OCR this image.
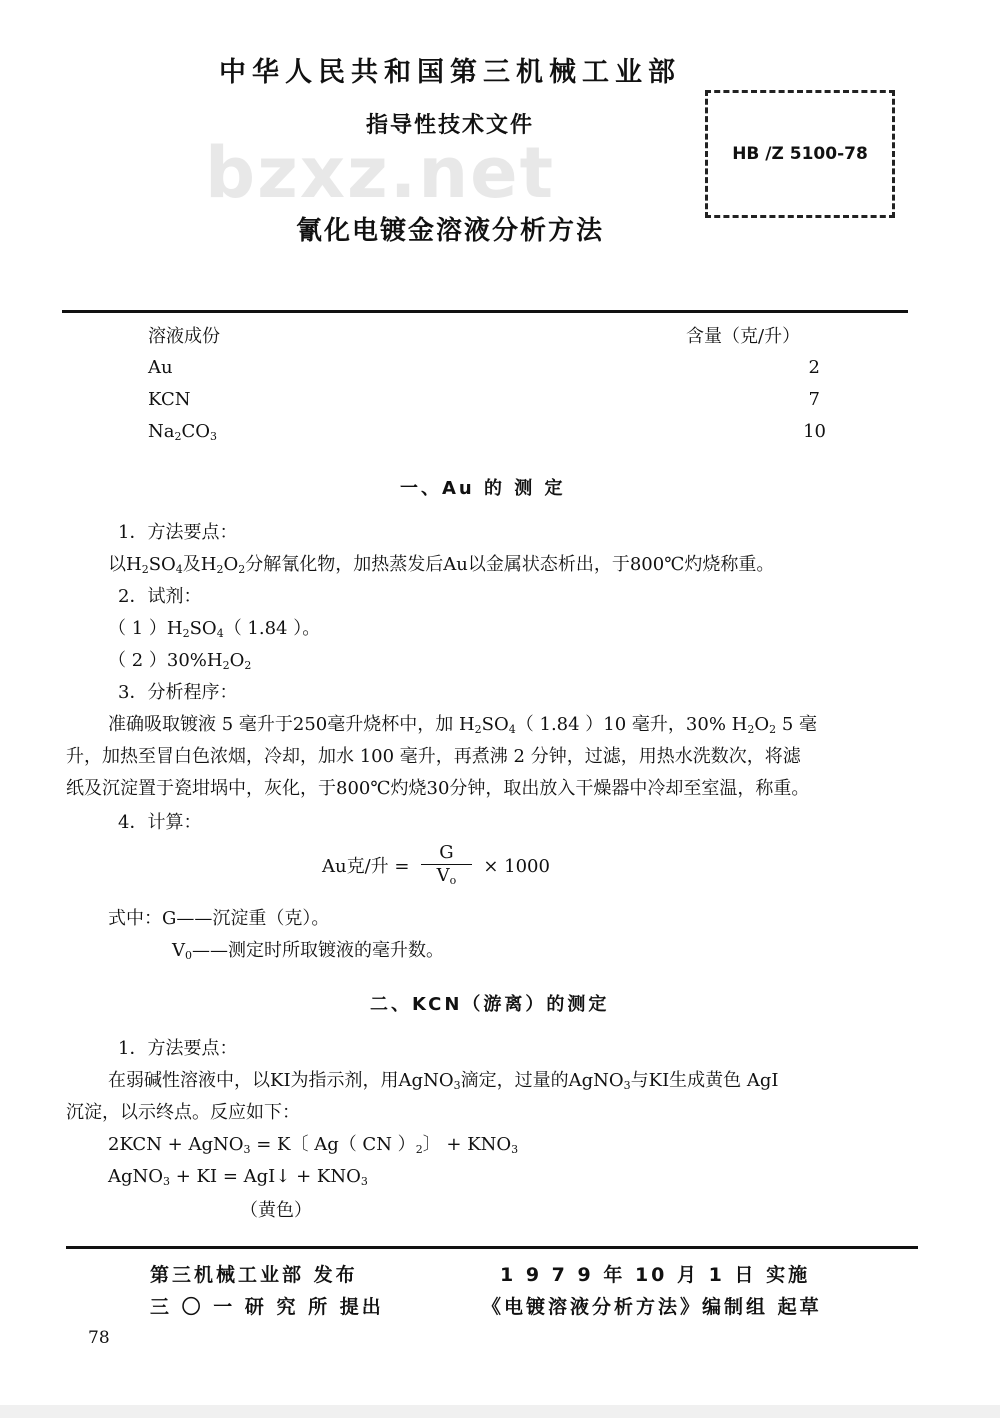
bzxz.net
中华人民共和国第三机械工业部
指导性技术文件
氰化电镀金溶液分析方法
HB /Z 5100-78
溶液成份	含量（克/升）
Au	2
KCN	7
$Na_2CO_3$	10
一、Au 的 测 定
1．方法要点：
以$H_2SO_4$及$H_2O_2$分解氰化物，加热蒸发后Au以金属状态析出，于800℃灼烧称重。
2．试剂：
（ 1 ）$H_2SO_4$（ 1.84 ）。
（ 2 ）$30\%H_2O_2$
3．分析程序：
准确吸取镀液 5 毫升于250毫升烧杯中，加 $H_2SO_4$（ 1.84 ）10 毫升，30% $H_2O_2$ 5 毫
升，加热至冒白色浓烟，冷却，加水 100 毫升，再煮沸 2 分钟，过滤，用热水洗数次，将滤
纸及沉淀置于瓷坩埚中，灰化，于800℃灼烧30分钟，取出放入干燥器中冷却至室温，称重。
4．计算：
Au克/升 = $\frac{G}{V_o} \times 1000$
式中：G——沉淀重（克）。
$V_0——$测定时所取镀液的毫升数。
二、KCN（游离）的测定
1．方法要点：
在弱碱性溶液中，以KI为指示剂，用AgNO$_3$滴定，过量的AgNO$_3$与KI生成黄色 AgI
沉淀，以示终点。反应如下：
2KCN + AgNO$_3$ = K〔 Ag（ CN ）$_2$〕 + $KNO_3$
AgNO$_3$ + KI = AgI↓ + $KNO_3$
（黄色）
第三机械工业部 发布	1 9 7 9 年 10 月 1 日 实施
三 〇 一 研 究 所 提出	《电镀溶液分析方法》编制组 起草
78
